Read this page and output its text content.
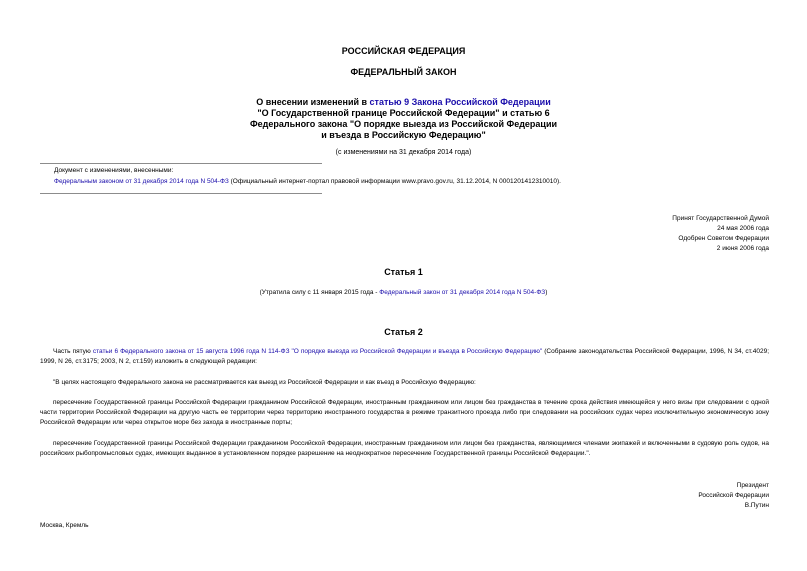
РОССИЙСКАЯ ФЕДЕРАЦИЯ
ФЕДЕРАЛЬНЫЙ ЗАКОН
О внесении изменений в статью 9 Закона Российской Федерации
"О Государственной границе Российской Федерации" и статью 6
Федерального закона "О порядке выезда из Российской Федерации
и въезда в Российскую Федерацию"
(с изменениями на 31 декабря 2014 года)
Документ с изменениями, внесенными:
Федеральным законом от 31 декабря 2014 года N 504-ФЗ (Официальный интернет-портал правовой информации www.pravo.gov.ru, 31.12.2014, N 0001201412310010).
Принят Государственной Думой
24 мая 2006 года
Одобрен Советом Федерации
2 июня 2006 года
Статья 1
(Утратила силу с 11 января 2015 года - Федеральный закон от 31 декабря 2014 года N 504-ФЗ)
Статья 2
Часть пятую статьи 6 Федерального закона от 15 августа 1996 года N 114-ФЗ "О порядке выезда из Российской Федерации и въезда в Российскую Федерацию" (Собрание законодательства Российской Федерации, 1996, N 34, ст.4029; 1999, N 26, ст.3175; 2003, N 2, ст.159) изложить в следующей редакции:
"В целях настоящего Федерального закона не рассматривается как выезд из Российской Федерации и как въезд в Российскую Федерацию:
пересечение Государственной границы Российской Федерации гражданином Российской Федерации, иностранным гражданином или лицом без гражданства в течение срока действия имеющейся у него визы при следовании с одной части территории Российской Федерации на другую часть ее территории через территорию иностранного государства в режиме транзитного проезда либо при следовании на российских судах через исключительную экономическую зону Российской Федерации или через открытое море без захода в иностранные порты;
пересечение Государственной границы Российской Федерации гражданином Российской Федерации, иностранным гражданином или лицом без гражданства, являющимися членами экипажей и включенными в судовую роль судов, на российских рыбопромысловых судах, имеющих выданное в установленном порядке разрешение на неоднократное пересечение Государственной границы Российской Федерации.".
Президент
Российской Федерации
В.Путин
Москва, Кремль
